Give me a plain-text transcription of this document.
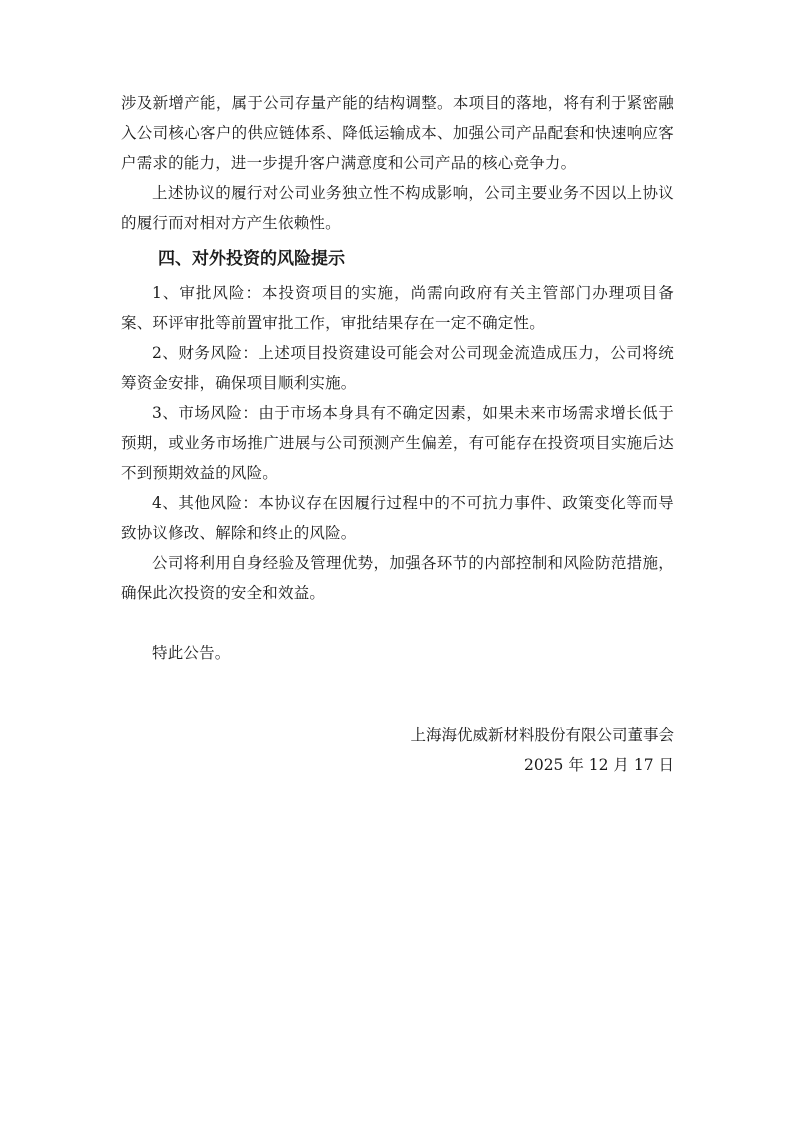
涉及新增产能，属于公司存量产能的结构调整。本项目的落地，将有利于紧密融入公司核心客户的供应链体系、降低运输成本、加强公司产品配套和快速响应客户需求的能力，进一步提升客户满意度和公司产品的核心竞争力。

上述协议的履行对公司业务独立性不构成影响，公司主要业务不因以上协议的履行而对相对方产生依赖性。

四、对外投资的风险提示

1、审批风险：本投资项目的实施，尚需向政府有关主管部门办理项目备案、环评审批等前置审批工作，审批结果存在一定不确定性。

2、财务风险：上述项目投资建设可能会对公司现金流造成压力，公司将统筹资金安排，确保项目顺利实施。

3、市场风险：由于市场本身具有不确定因素，如果未来市场需求增长低于预期，或业务市场推广进展与公司预测产生偏差，有可能存在投资项目实施后达不到预期效益的风险。

4、其他风险：本协议存在因履行过程中的不可抗力事件、政策变化等而导致协议修改、解除和终止的风险。

公司将利用自身经验及管理优势，加强各环节的内部控制和风险防范措施，确保此次投资的安全和效益。

特此公告。

上海海优威新材料股份有限公司董事会
2025 年 12 月 17 日
